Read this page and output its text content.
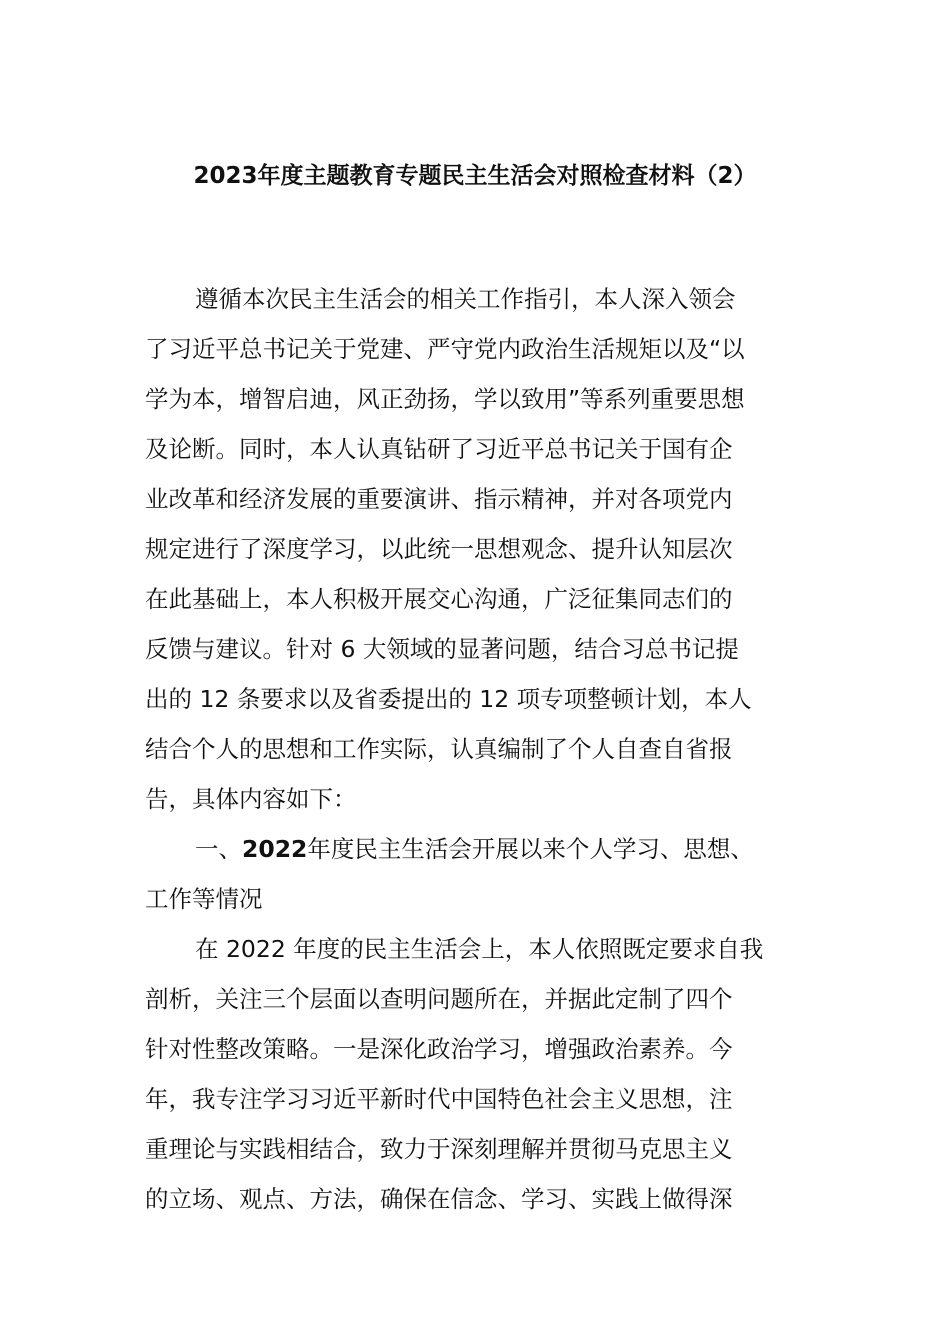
2023年度主题教育专题民主生活会对照检查材料（2）
遵循本次民主生活会的相关工作指引，本人深入领会
了习近平总书记关于党建、严守党内政治生活规矩以及“以
学为本，增智启迪，风正劲扬，学以致用”等系列重要思想
及论断。同时，本人认真钻研了习近平总书记关于国有企
业改革和经济发展的重要演讲、指示精神，并对各项党内
规定进行了深度学习，以此统一思想观念、提升认知层次
在此基础上，本人积极开展交心沟通，广泛征集同志们的
反馈与建议。针对 6 大领域的显著问题，结合习总书记提
出的 12 条要求以及省委提出的 12 项专项整顿计划，本人
结合个人的思想和工作实际，认真编制了个人自查自省报
告，具体内容如下：
一、2022年度民主生活会开展以来个人学习、思想、
工作等情况
在 2022 年度的民主生活会上，本人依照既定要求自我
剖析，关注三个层面以查明问题所在，并据此定制了四个
针对性整改策略。一是深化政治学习，增强政治素养。今
年，我专注学习习近平新时代中国特色社会主义思想，注
重理论与实践相结合，致力于深刻理解并贯彻马克思主义
的立场、观点、方法，确保在信念、学习、实践上做得深
